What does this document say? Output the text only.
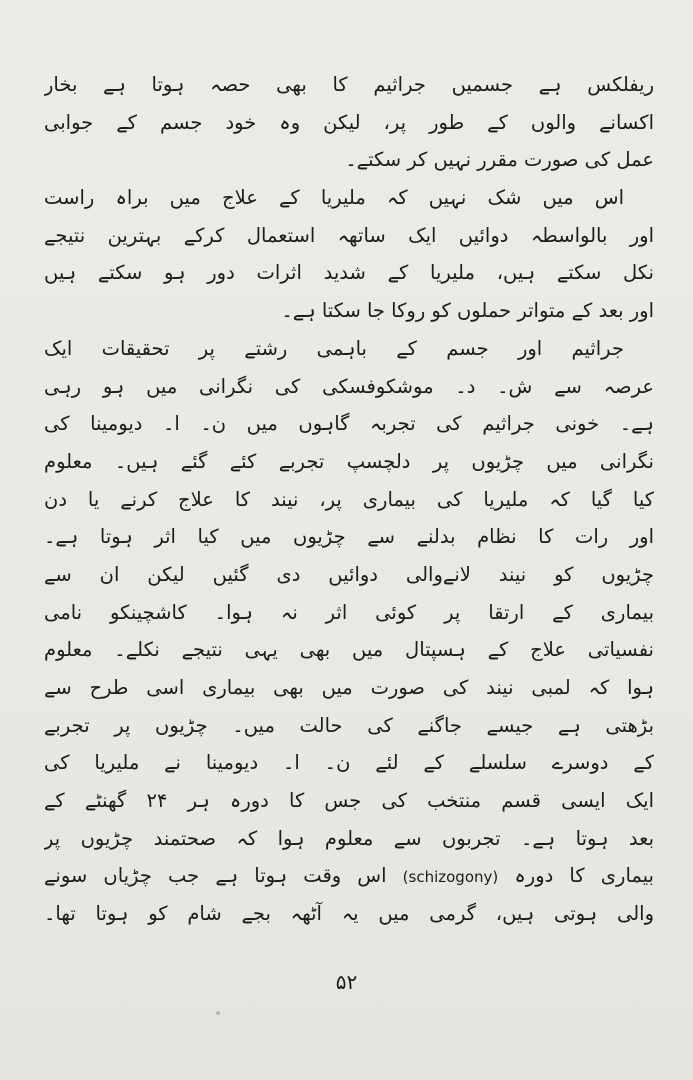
ریفلکس ہے جسمیں جراثیم کا بھی حصہ ہوتا ہے بخار
اکسانے والوں کے طور پر، لیکن وہ خود جسم کے جوابی
عمل کی صورت مقرر نہیں کر سکتے۔
اس میں شک نہیں کہ ملیریا کے علاج میں براہ راست
اور بالواسطہ دوائیں ایک ساتھہ استعمال کرکے بہترین نتیجے
نکل سکتے ہیں، ملیریا کے شدید اثرات دور ہو سکتے ہیں
اور بعد کے متواتر حملوں کو روکا جا سکتا ہے۔
جراثیم اور جسم کے باہمی رشتے پر تحقیقات ایک
عرصہ سے ش۔ د۔ موشکوفسکی کی نگرانی میں ہو رہی
ہے۔ خونی جراثیم کی تجربہ گاہوں میں ن۔ ا۔ دیومینا کی
نگرانی میں چڑیوں پر دلچسپ تجربے کئے گئے ہیں۔ معلوم
کیا گیا کہ ملیریا کی بیماری پر، نیند کا علاج کرنے یا دن
اور رات کا نظام بدلنے سے چڑیوں میں کیا اثر ہوتا ہے۔
چڑیوں کو نیند لانےوالی دوائیں دی گئیں لیکن ان سے
بیماری کے ارتقا پر کوئی اثر نہ ہوا۔ کاشچینکو نامی
نفسیاتی علاج کے ہسپتال میں بھی یہی نتیجے نکلے۔ معلوم
ہوا کہ لمبی نیند کی صورت میں بھی بیماری اسی طرح سے
بڑھتی ہے جیسے جاگنے کی حالت میں۔ چڑیوں پر تجربے
کے دوسرے سلسلے کے لئے ن۔ ا۔ دیومینا نے ملیریا کی
ایک ایسی قسم منتخب کی جس کا دورہ ہر ۲۴ گھنٹے کے
بعد ہوتا ہے۔ تجربوں سے معلوم ہوا کہ صحتمند چڑیوں پر
بیماری کا دورہ (schizogony) اس وقت ہوتا ہے جب چڑیاں سونے
والی ہوتی ہیں، گرمی میں یہ آٹھہ بجے شام کو ہوتا تھا۔
۵۲
